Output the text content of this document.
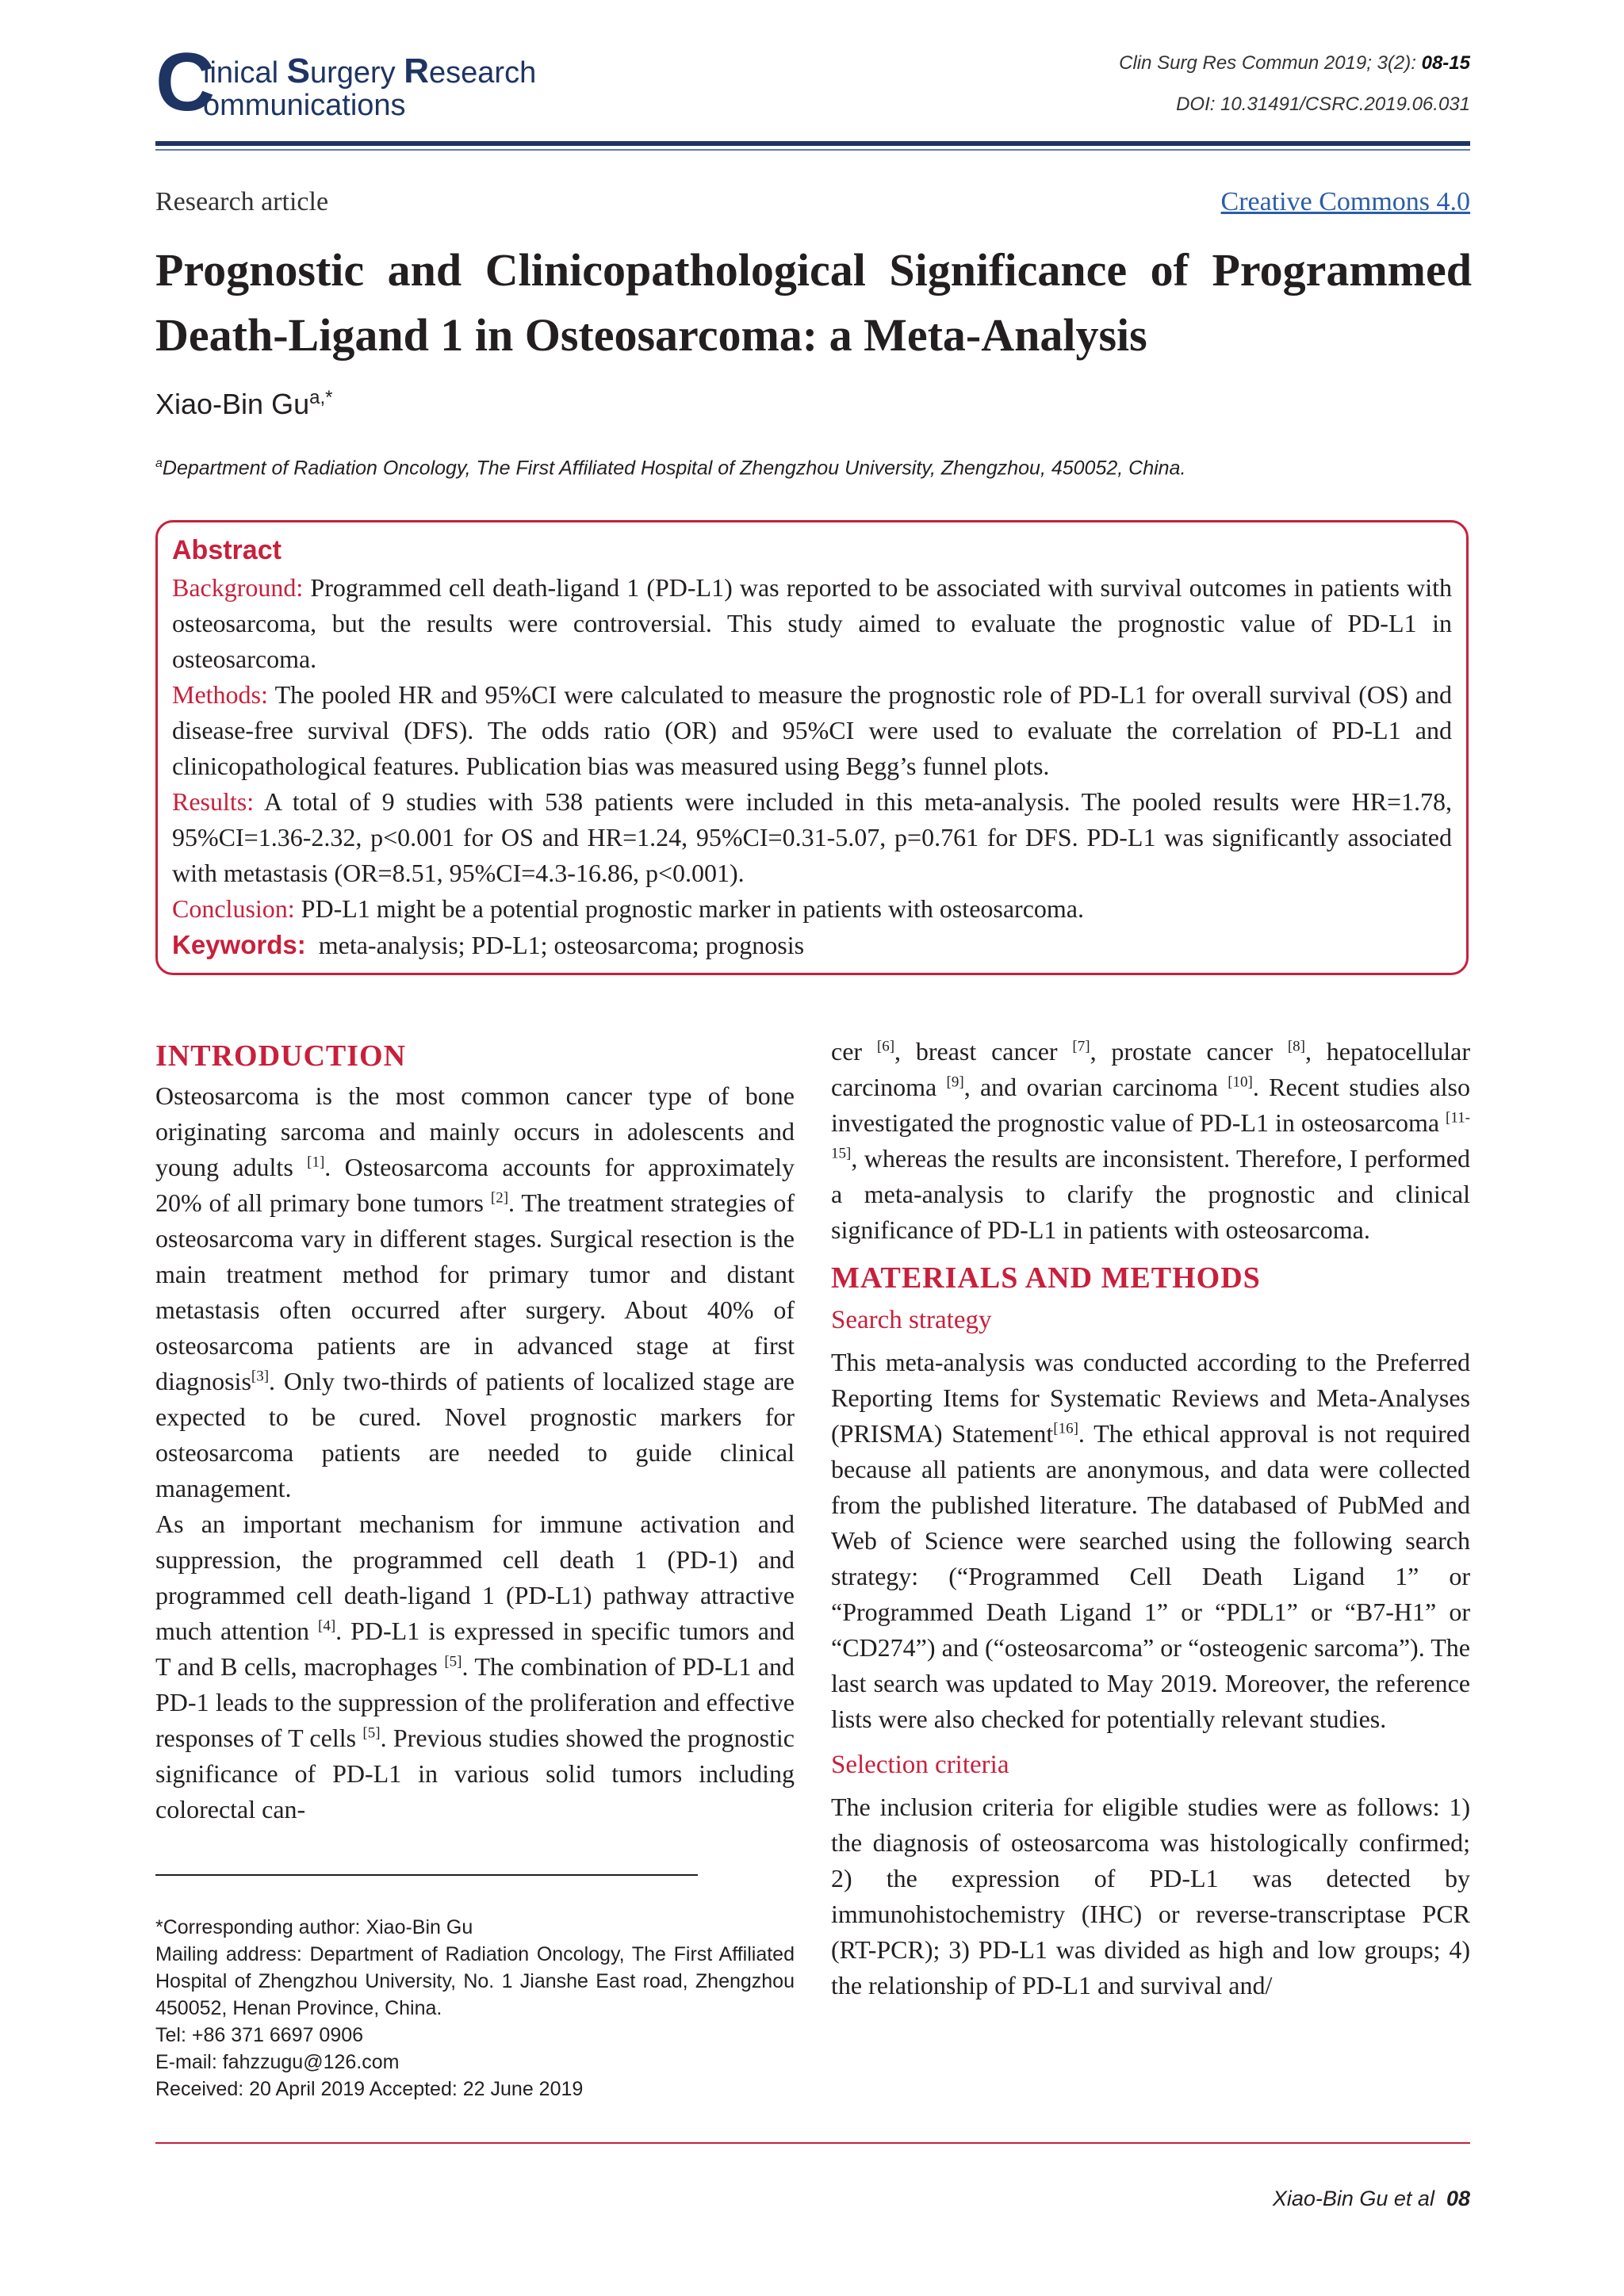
C
linical Surgery Research
ommunications
Clin Surg Res Commun 2019; 3(2): 08-15
DOI: 10.31491/CSRC.2019.06.031
Research article	Creative Commons 4.0
Prognostic and Clinicopathological Significance of Programmed Death-Ligand 1 in Osteosarcoma: a Meta-Analysis
Xiao-Bin $Gu^{a,*}$
$^a$Department of Radiation Oncology, The First Affiliated Hospital of Zhengzhou University, Zhengzhou, 450052, China.
Abstract

Background: Programmed cell death-ligand 1 (PD-L1) was reported to be associated with survival outcomes in patients with osteosarcoma, but the results were controversial. This study aimed to evaluate the prognostic value of PD-L1 in osteosarcoma.

Methods: The pooled HR and 95%CI were calculated to measure the prognostic role of PD-L1 for overall survival (OS) and disease-free survival (DFS). The odds ratio (OR) and 95%CI were used to evaluate the correlation of PD-L1 and clinicopathological features. Publication bias was measured using Begg’s funnel plots.

Results: A total of 9 studies with 538 patients were included in this meta-analysis. The pooled results were HR=1.78, 95%CI=1.36-2.32, p<0.001 for OS and HR=1.24, 95%CI=0.31-5.07, p=0.761 for DFS. PD-L1 was significantly associated with metastasis (OR=8.51, 95%CI=4.3-16.86, p<0.001).

Conclusion: PD-L1 might be a potential prognostic marker in patients with osteosarcoma.

Keywords: meta-analysis; PD-L1; osteosarcoma; prognosis

INTRODUCTION

Osteosarcoma is the most common cancer type of bone originating sarcoma and mainly occurs in adolescents and young adults [1]. Osteosarcoma accounts for approximately 20% of all primary bone tumors [2]. The treatment strategies of osteosarcoma vary in different stages. Surgical resection is the main treatment method for primary tumor and distant metastasis often occurred after surgery. About 40% of osteosarcoma patients are in advanced stage at first diagnosis[3]. Only two-thirds of patients of localized stage are expected to be cured. Novel prognostic markers for osteosarcoma patients are needed to guide clinical management.

As an important mechanism for immune activation and suppression, the programmed cell death 1 (PD-1) and programmed cell death-ligand 1 (PD-L1) pathway attractive much attention [4]. PD-L1 is expressed in specific tumors and T and B cells, macrophages [5]. The combination of PD-L1 and PD-1 leads to the suppression of the proliferation and effective responses of T cells [5]. Previous studies showed the prognostic significance of PD-L1 in various solid tumors including colorectal can-

*Corresponding author: Xiao-Bin Gu
Mailing address: Department of Radiation Oncology, The First Affiliated Hospital of Zhengzhou University, No. 1 Jianshe East road, Zhengzhou 450052, Henan Province, China.
Tel: +86 371 6697 0906
E-mail: fahzzugu@126.com
Received: 20 April 2019 Accepted: 22 June 2019

cer [6], breast cancer [7], prostate cancer [8], hepatocellular carcinoma [9], and ovarian carcinoma [10]. Recent studies also investigated the prognostic value of PD-L1 in osteosarcoma [11-15], whereas the results are inconsistent. Therefore, I performed a meta-analysis to clarify the prognostic and clinical significance of PD-L1 in patients with osteosarcoma.

MATERIALS AND METHODS
Search strategy

This meta-analysis was conducted according to the Preferred Reporting Items for Systematic Reviews and Meta-Analyses (PRISMA) Statement[16]. The ethical approval is not required because all patients are anonymous, and data were collected from the published literature. The databased of PubMed and Web of Science were searched using the following search strategy: (“Programmed Cell Death Ligand 1” or “Programmed Death Ligand 1” or “PDL1” or “B7-H1” or “CD274”) and (“osteosarcoma” or “osteogenic sarcoma”). The last search was updated to May 2019. Moreover, the reference lists were also checked for potentially relevant studies.

Selection criteria

The inclusion criteria for eligible studies were as follows: 1) the diagnosis of osteosarcoma was histologically confirmed; 2) the expression of PD-L1 was detected by immunohistochemistry (IHC) or reverse-transcriptase PCR (RT-PCR); 3) PD-L1 was divided as high and low groups; 4) the relationship of PD-L1 and survival and/

Xiao-Bin Gu et al 08
